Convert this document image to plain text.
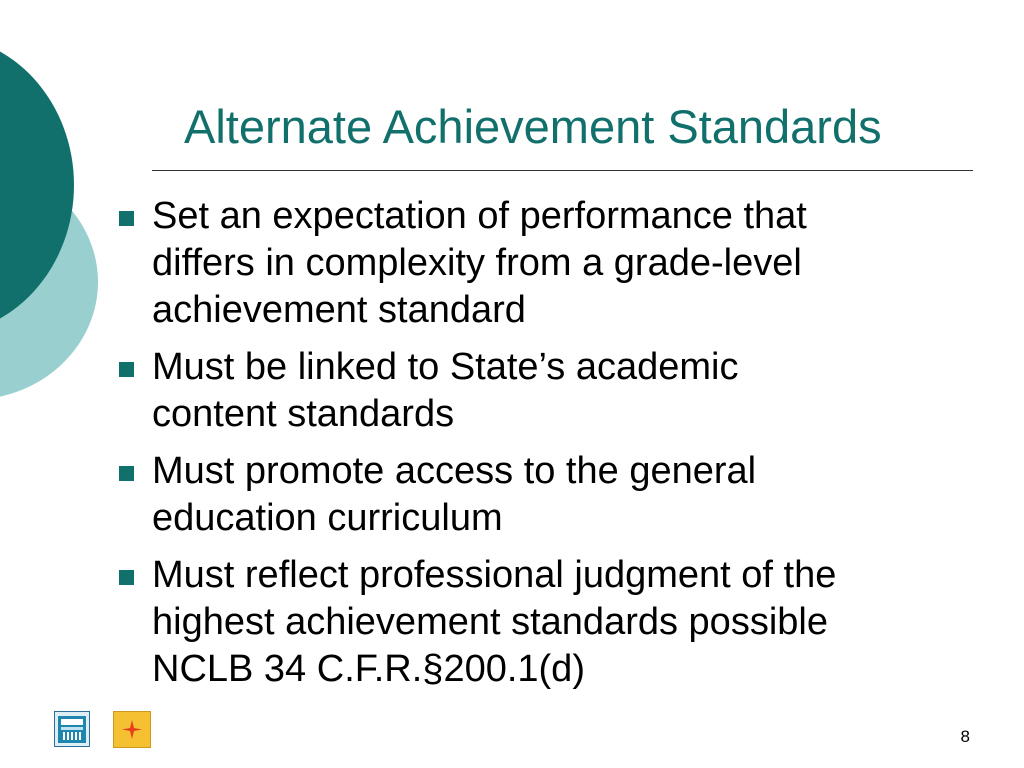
Alternate Achievement Standards
Set an expectation of performance that
differs in complexity from a grade-level
achievement standard
Must be linked to State’s academic
content standards
Must promote access to the general
education curriculum
Must reflect professional judgment of the
highest achievement standards possible
NCLB 34 C.F.R.§200.1(d)
8
